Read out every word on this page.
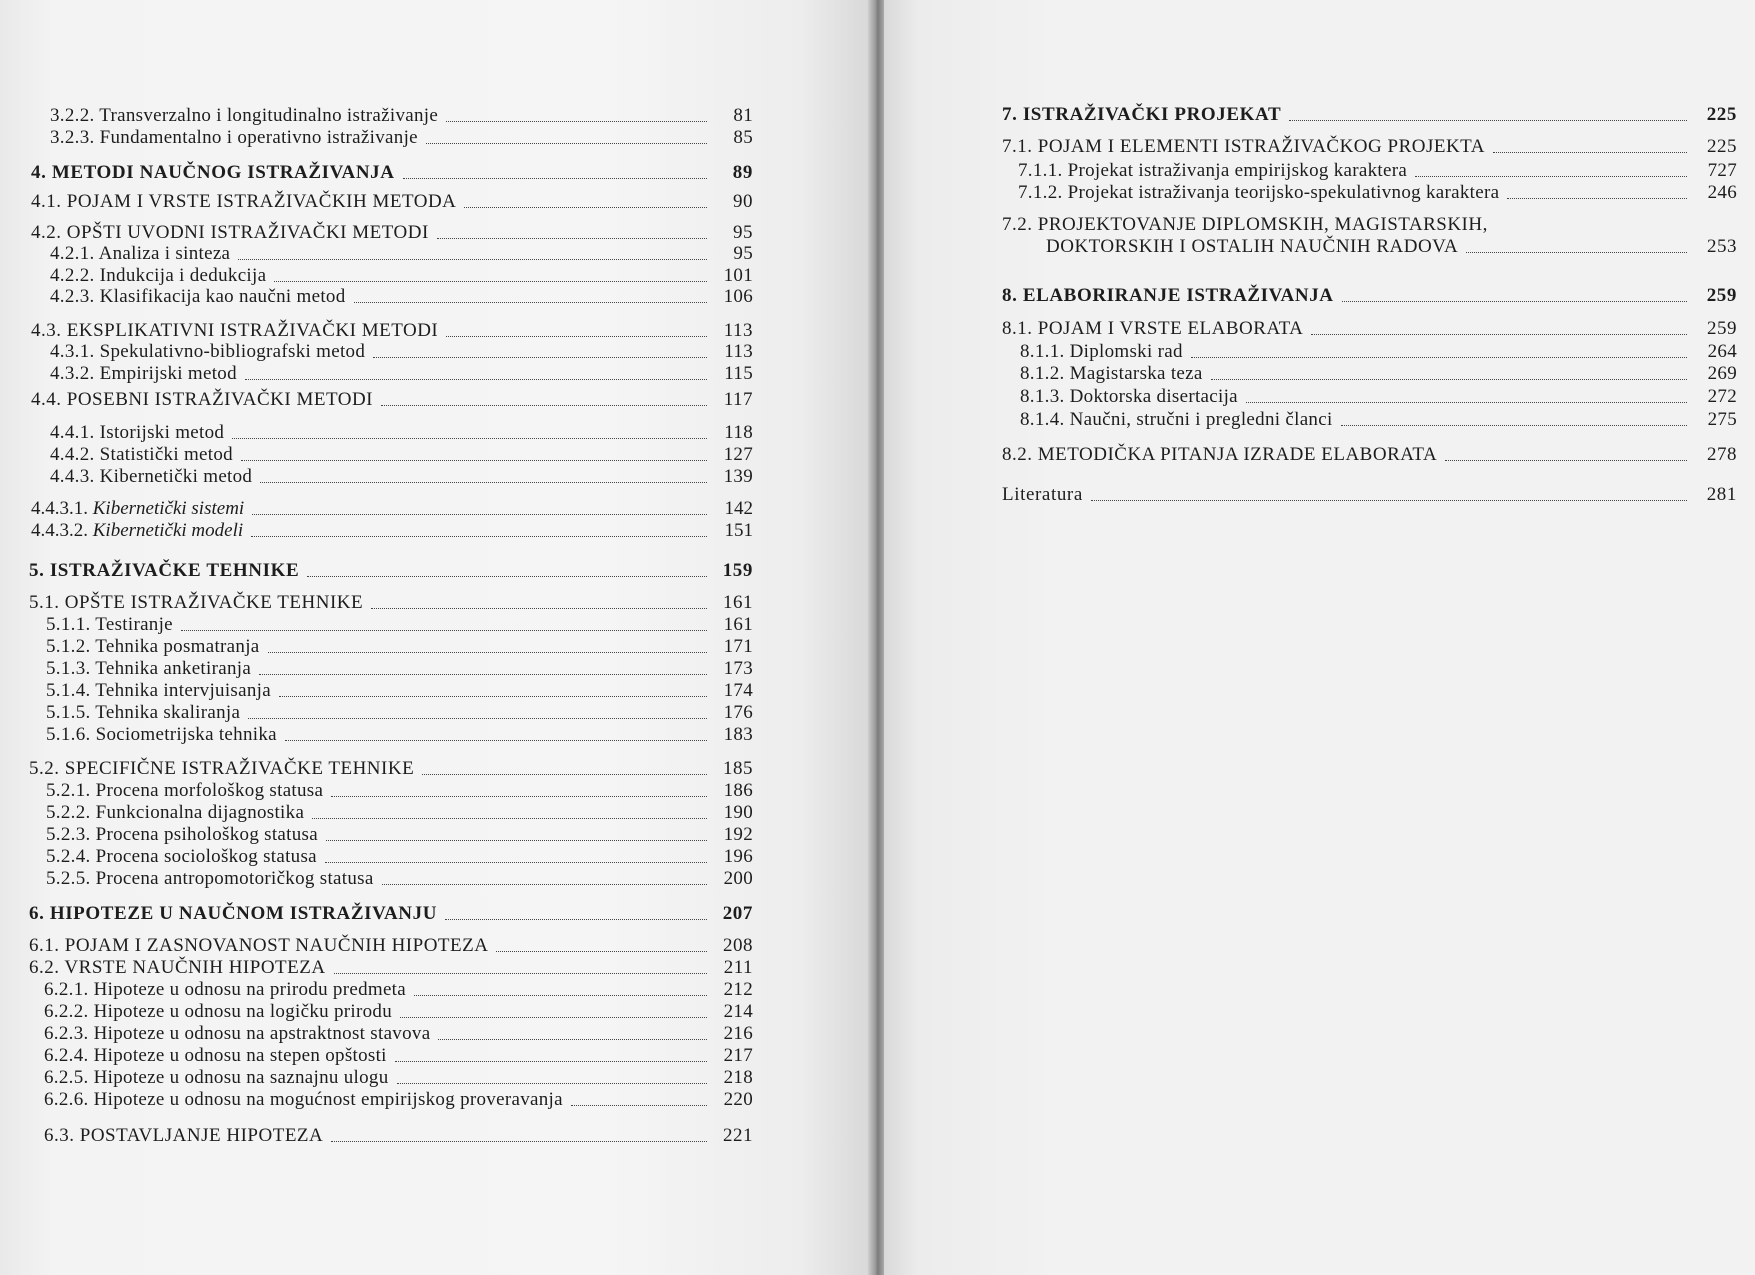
3.2.2. Transverzalno i longitudinalno istraživanje	81
3.2.3. Fundamentalno i operativno istraživanje	85
4. METODI NAUČNOG ISTRAŽIVANJA	89
4.1. POJAM I VRSTE ISTRAŽIVAČKIH METODA	90
4.2. OPŠTI UVODNI ISTRAŽIVAČKI METODI	95
4.2.1. Analiza i sinteza	95
4.2.2. Indukcija i dedukcija	101
4.2.3. Klasifikacija kao naučni metod	106
4.3. EKSPLIKATIVNI ISTRAŽIVAČKI METODI	113
4.3.1. Spekulativno-bibliografski metod	113
4.3.2. Empirijski metod	115
4.4. POSEBNI ISTRAŽIVAČKI METODI	117
4.4.1. Istorijski metod	118
4.4.2. Statistički metod	127
4.4.3. Kibernetički metod	139
4.4.3.1. Kibernetički sistemi	142
4.4.3.2. Kibernetički modeli	151
5. ISTRAŽIVAČKE TEHNIKE	159
5.1. OPŠTE ISTRAŽIVAČKE TEHNIKE	161
5.1.1. Testiranje	161
5.1.2. Tehnika posmatranja	171
5.1.3. Tehnika anketiranja	173
5.1.4. Tehnika intervjuisanja	174
5.1.5. Tehnika skaliranja	176
5.1.6. Sociometrijska tehnika	183
5.2. SPECIFIČNE ISTRAŽIVAČKE TEHNIKE	185
5.2.1. Procena morfološkog statusa	186
5.2.2. Funkcionalna dijagnostika	190
5.2.3. Procena psihološkog statusa	192
5.2.4. Procena sociološkog statusa	196
5.2.5. Procena antropomotoričkog statusa	200
6. HIPOTEZE U NAUČNOM ISTRAŽIVANJU	207
6.1. POJAM I ZASNOVANOST NAUČNIH HIPOTEZA	208
6.2. VRSTE NAUČNIH HIPOTEZA	211
6.2.1. Hipoteze u odnosu na prirodu predmeta	212
6.2.2. Hipoteze u odnosu na logičku prirodu	214
6.2.3. Hipoteze u odnosu na apstraktnost stavova	216
6.2.4. Hipoteze u odnosu na stepen opštosti	217
6.2.5. Hipoteze u odnosu na saznajnu ulogu	218
6.2.6. Hipoteze u odnosu na mogućnost empirijskog proveravanja	220
6.3. POSTAVLJANJE HIPOTEZA	221
7. ISTRAŽIVAČKI PROJEKAT	225
7.1. POJAM I ELEMENTI ISTRAŽIVAČKOG PROJEKTA	225
7.1.1. Projekat istraživanja empirijskog karaktera	727
7.1.2. Projekat istraživanja teorijsko-spekulativnog karaktera	246
7.2. PROJEKTOVANJE DIPLOMSKIH, MAGISTARSKIH,
DOKTORSKIH I OSTALIH NAUČNIH RADOVA	253
8. ELABORIRANJE ISTRAŽIVANJA	259
8.1. POJAM I VRSTE ELABORATA	259
8.1.1. Diplomski rad	264
8.1.2. Magistarska teza	269
8.1.3. Doktorska disertacija	272
8.1.4. Naučni, stručni i pregledni članci	275
8.2. METODIČKA PITANJA IZRADE ELABORATA	278
Literatura	281
